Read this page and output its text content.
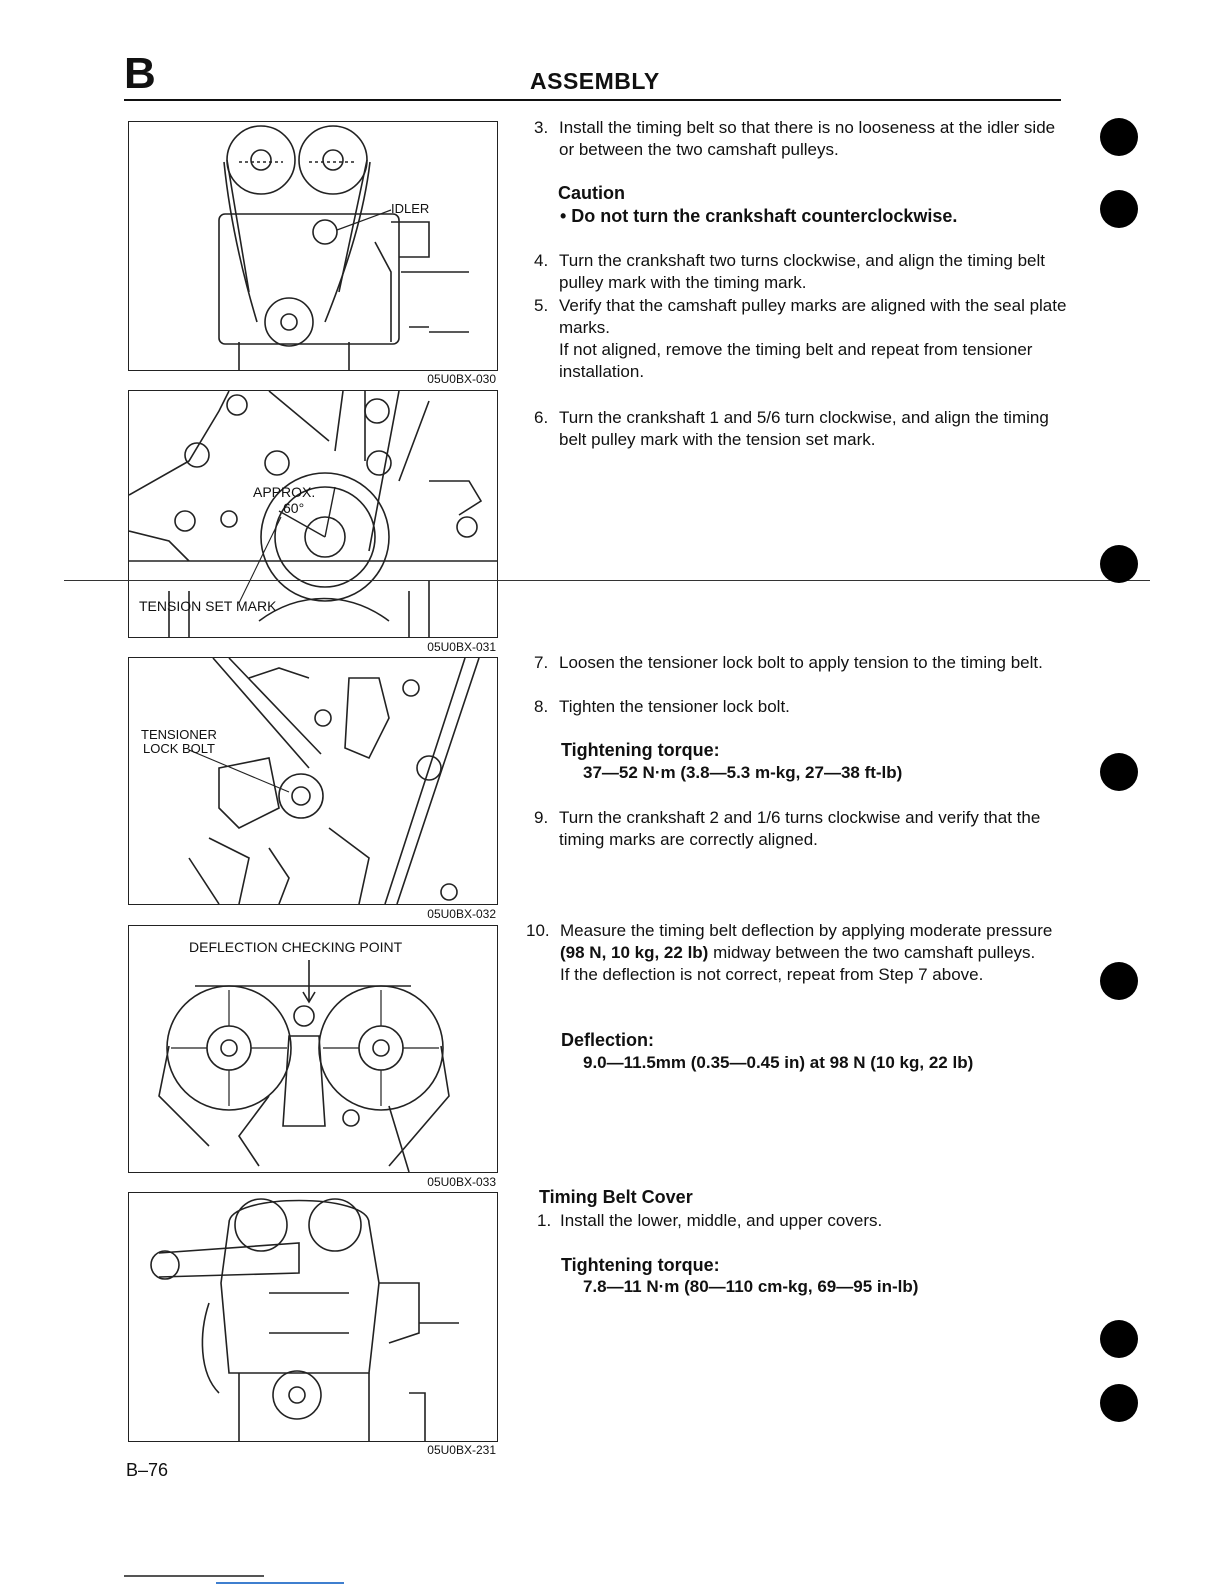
B	ASSEMBLY
IDLER
05U0BX-030
APPROX.
60°
TENSION SET MARK
05U0BX-031
TENSIONER
LOCK BOLT
05U0BX-032
DEFLECTION CHECKING POINT
05U0BX-033
05U0BX-231
3. Install the timing belt so that there is no looseness at the idler side or between the two camshaft pulleys.
Caution
• Do not turn the crankshaft counterclockwise.
4. Turn the crankshaft two turns clockwise, and align the timing belt pulley mark with the timing mark.
5. Verify that the camshaft pulley marks are aligned with the seal plate marks.
If not aligned, remove the timing belt and repeat from tensioner installation.
6. Turn the crankshaft 1 and 5/6 turn clockwise, and align the timing belt pulley mark with the tension set mark.
7. Loosen the tensioner lock bolt to apply tension to the timing belt.
8. Tighten the tensioner lock bolt.
Tightening torque:
37—52 N·m (3.8—5.3 m-kg, 27—38 ft-lb)
9. Turn the crankshaft 2 and 1/6 turns clockwise and verify that the timing marks are correctly aligned.
10. Measure the timing belt deflection by applying moderate pressure (98 N, 10 kg, 22 lb) midway between the two camshaft pulleys.
If the deflection is not correct, repeat from Step 7 above.
Deflection:
9.0—11.5mm (0.35—0.45 in) at 98 N (10 kg, 22 lb)
Timing Belt Cover
1. Install the lower, middle, and upper covers.
Tightening torque:
7.8—11 N·m (80—110 cm-kg, 69—95 in-lb)
B–76
